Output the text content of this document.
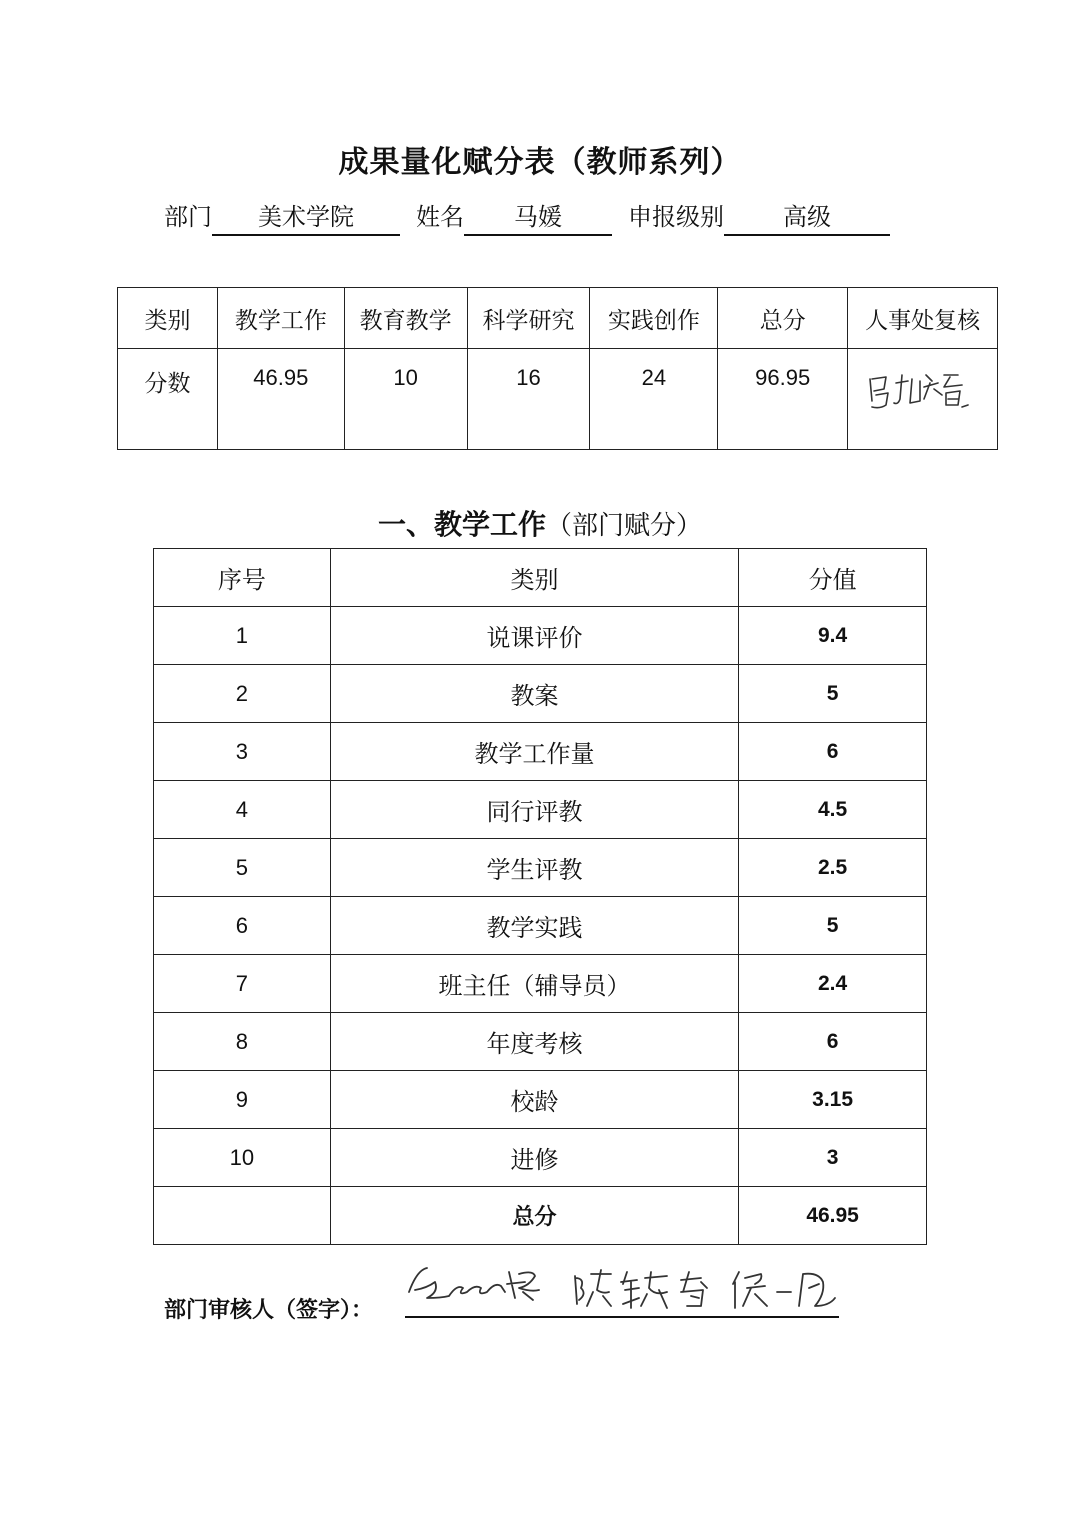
成果量化赋分表（教师系列）
部门 美术学院	姓名 马媛	申报级别 高级
类别	教学工作	教育教学	科学研究	实践创作	总分	人事处复核
分数	46.95	10	16	24	96.95	
一、教学工作（部门赋分）
序号	类别	分值
1	说课评价	9.4
2	教案	5
3	教学工作量	6
4	同行评教	4.5
5	学生评教	2.5
6	教学实践	5
7	班主任（辅导员）	2.4
8	年度考核	6
9	校龄	3.15
10	进修	3
	总分	46.95
部门审核人（签字）：
